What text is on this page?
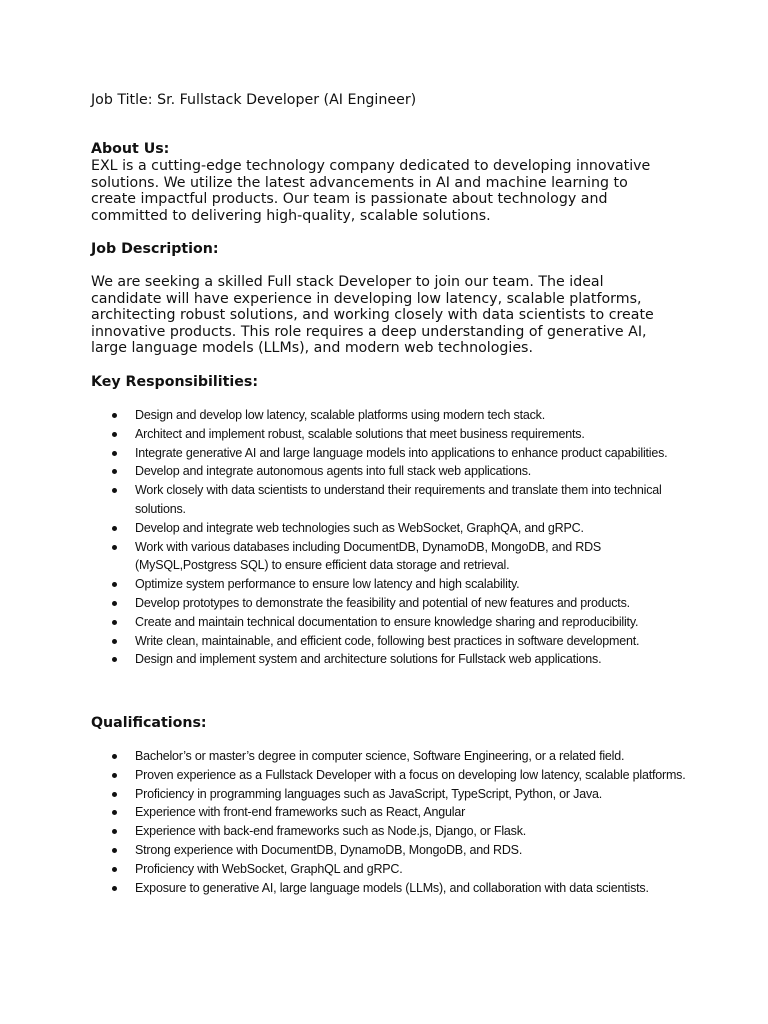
Job Title: Sr. Fullstack Developer (AI Engineer)

About Us:

EXL is a cutting-edge technology company dedicated to developing innovative solutions. We utilize the latest advancements in AI and machine learning to create impactful products. Our team is passionate about technology and committed to delivering high-quality, scalable solutions.

Job Description:

We are seeking a skilled Full stack Developer to join our team. The ideal candidate will have experience in developing low latency, scalable platforms, architecting robust solutions, and working closely with data scientists to create innovative products. This role requires a deep understanding of generative AI, large language models (LLMs), and modern web technologies.

Key Responsibilities:

Design and develop low latency, scalable platforms using modern tech stack.
Architect and implement robust, scalable solutions that meet business requirements.
Integrate generative AI and large language models into applications to enhance product capabilities.
Develop and integrate autonomous agents into full stack web applications.
Work closely with data scientists to understand their requirements and translate them into technical solutions.
Develop and integrate web technologies such as WebSocket, GraphQA, and gRPC.
Work with various databases including DocumentDB, DynamoDB, MongoDB, and RDS (MySQL,Postgress SQL) to ensure efficient data storage and retrieval.
Optimize system performance to ensure low latency and high scalability.
Develop prototypes to demonstrate the feasibility and potential of new features and products.
Create and maintain technical documentation to ensure knowledge sharing and reproducibility.
Write clean, maintainable, and efficient code, following best practices in software development.
Design and implement system and architecture solutions for Fullstack web applications.

Qualifications:

Bachelor’s or master’s degree in computer science, Software Engineering, or a related field.
Proven experience as a Fullstack Developer with a focus on developing low latency, scalable platforms.
Proficiency in programming languages such as JavaScript, TypeScript, Python, or Java.
Experience with front-end frameworks such as React, Angular
Experience with back-end frameworks such as Node.js, Django, or Flask.
Strong experience with DocumentDB, DynamoDB, MongoDB, and RDS.
Proficiency with WebSocket, GraphQL and gRPC.
Exposure to generative AI, large language models (LLMs), and collaboration with data scientists.
